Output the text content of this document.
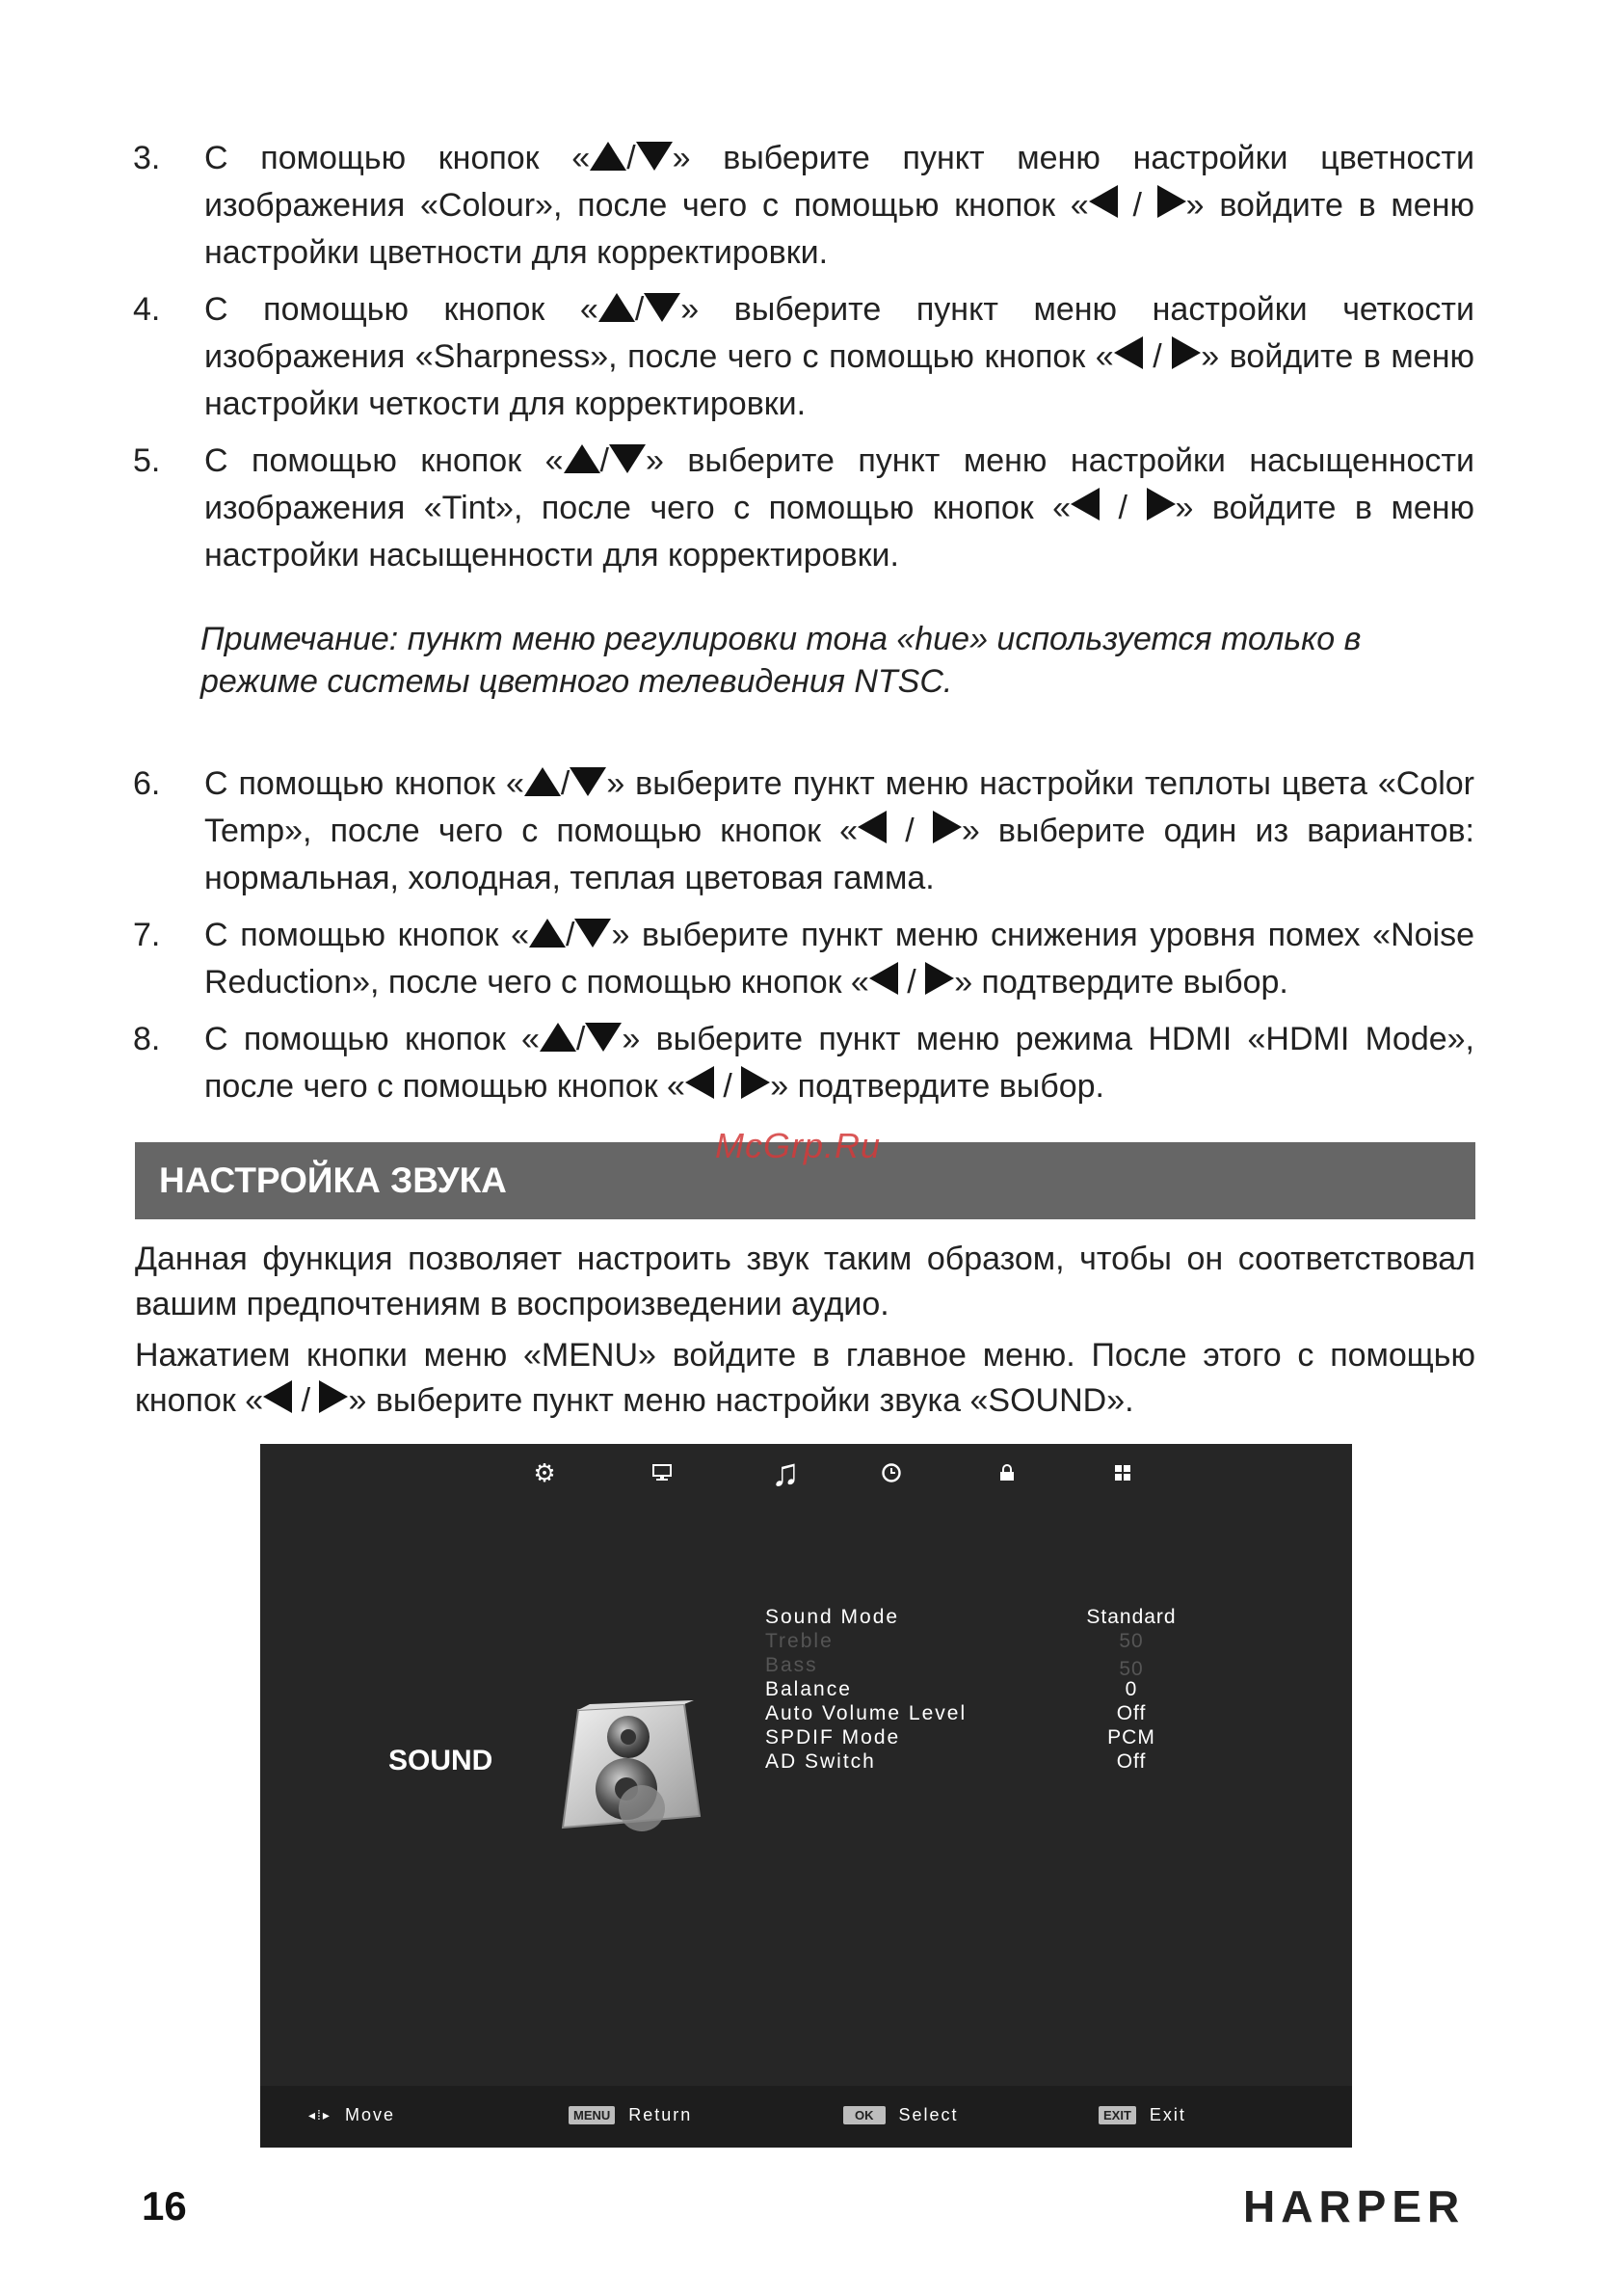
3. С помощью кнопок « / » выберите пункт меню настройки цветности изображения «Colour», после чего с помощью кнопок « / » войдите в меню настройки цветности для корректировки.
4. С помощью кнопок « / » выберите пункт меню настройки четкости изображения «Sharpness», после чего с помощью кнопок « / » войдите в меню настройки четкости для корректировки.
5. С помощью кнопок « / » выберите пункт меню настройки насыщенности изображения «Tint», после чего с помощью кнопок « / » войдите в меню настройки насыщенности для корректировки.
Примечание: пункт меню регулировки тона «hue» используется только в режиме системы цветного телевидения NTSC.
6. С помощью кнопок « / » выберите пункт меню настройки теплоты цвета «Color Temp», после чего с помощью кнопок « / » выберите один из вариантов: нормальная, холодная, теплая цветовая гамма.
7. С помощью кнопок « / » выберите пункт меню снижения уровня помех «Noise Reduction», после чего с помощью кнопок « / » подтвердите выбор.
8. С помощью кнопок « / » выберите пункт меню режима HDMI «HDMI Mode», после чего с помощью кнопок « / » подтвердите выбор.
НАСТРОЙКА ЗВУКА
McGrp.Ru
Данная функция позволяет настроить звук таким образом, чтобы он соответствовал вашим предпочтениям в воспроизведении аудио.
Нажатием кнопки меню «MENU» войдите в главное меню. После этого с помощью кнопок « / » выберите пункт меню настройки звука «SOUND».
⚙	♫
SOUND
Sound Mode	Standard
Treble	50
Bass	50
Balance	0
Auto Volume Level	Off
SPDIF Mode	PCM
AD Switch	Off
◂⁞▸ Move	MENU Return	OK	Select	EXIT Exit
16	HARPER
